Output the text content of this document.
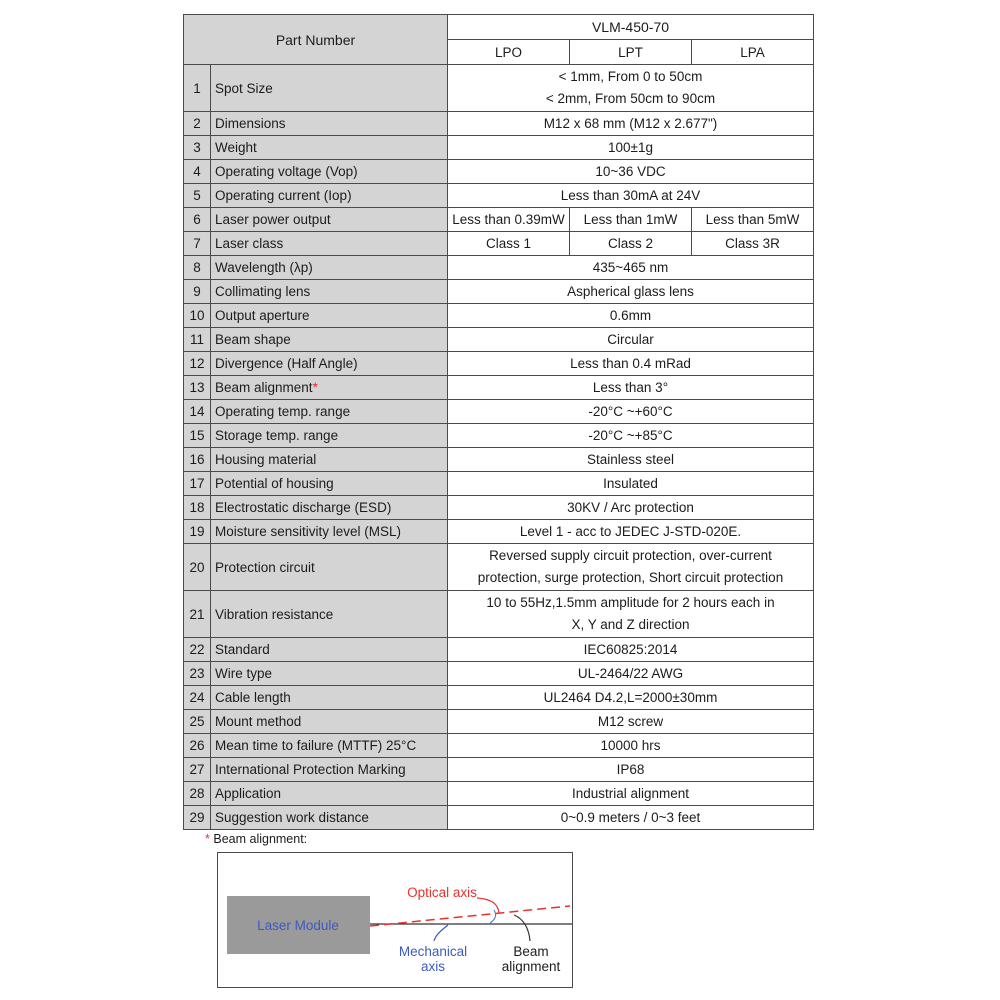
Part Number		VLM-450-70		
		LPO	LPT	LPA
1	Spot Size	< 1mm, From 0 to 50cm
< 2mm, From 50cm to 90cm		

2	Dimensions	M12 x 68 mm (M12 x 2.677")		

3	Weight	100±1g		

4	Operating voltage (Vop)	10~36 VDC		

5	Operating current (Iop)	Less than 30mA at 24V		

6	Laser power output	Less than 0.39mW	Less than 1mW	Less than 5mW
7	Laser class	Class 1	Class 2	Class 3R
8	Wavelength (λp)	435~465 nm		

9	Collimating lens	Aspherical glass lens		

10	Output aperture	0.6mm		

11	Beam shape	Circular		

12	Divergence (Half Angle)	Less than 0.4 mRad		

13	Beam alignment*	Less than 3°		

14	Operating temp. range	-20°C ~+60°C		

15	Storage temp. range	-20°C ~+85°C		

16	Housing material	Stainless steel		

17	Potential of housing	Insulated		

18	Electrostatic discharge (ESD)	30KV / Arc protection		

19	Moisture sensitivity level (MSL)	Level 1 - acc to JEDEC J-STD-020E.		

20	Protection circuit	Reversed supply circuit protection, over-current
protection, surge protection, Short circuit protection		

21	Vibration resistance	10 to 55Hz,1.5mm amplitude for 2 hours each in
X, Y and Z direction		

22	Standard	IEC60825:2014		

23	Wire type	UL-2464/22 AWG		

24	Cable length	UL2464 D4.2,L=2000±30mm		

25	Mount method	M12 screw		

26	Mean time to failure (MTTF) 25°C	10000 hrs		

27	International Protection Marking	IP68		

28	Application	Industrial alignment		

29	Suggestion work distance	0~0.9 meters / 0~3 feet		
* Beam alignment:
Laser Module
Optical axis
Mechanical axis
Beam alignment
